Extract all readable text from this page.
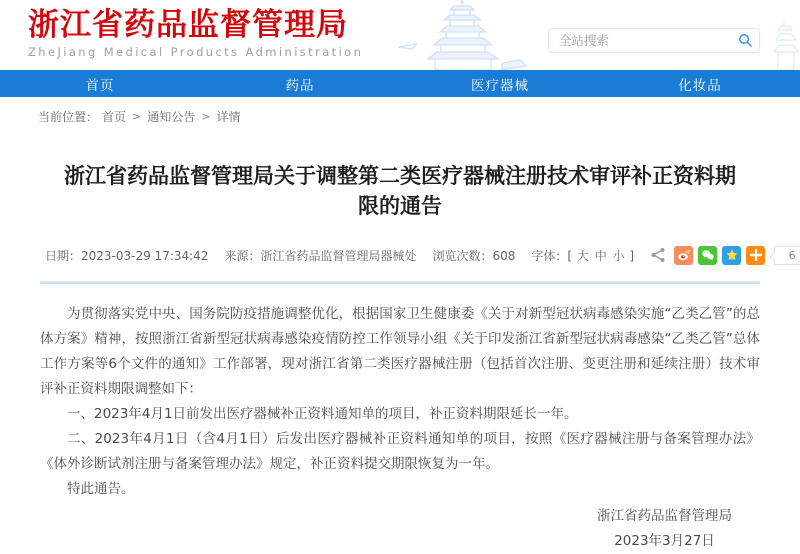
浙江省药品监督管理局
ZheJiang Medical Products Administration
全站搜索
首页	药品	医疗器械	化妆品
当前位置： 首页 > 通知公告 > 详情
浙江省药品监督管理局关于调整第二类医疗器械注册技术审评补正资料期限的通告
日期：2023-03-29 17:34:42 来源：浙江省药品监督管理局器械处 浏览次数：608 字体：[ 大 中 小 ]	6

为贯彻落实党中央、国务院防疫措施调整优化，根据国家卫生健康委《关于对新型冠状病毒感染实施“乙类乙管”的总体方案》精神，按照浙江省新型冠状病毒感染疫情防控工作领导小组《关于印发浙江省新型冠状病毒感染“乙类乙管”总体工作方案等6个文件的通知》工作部署，现对浙江省第二类医疗器械注册（包括首次注册、变更注册和延续注册）技术审评补正资料期限调整如下：

一、2023年4月1日前发出医疗器械补正资料通知单的项目，补正资料期限延长一年。

二、2023年4月1日（含4月1日）后发出医疗器械补正资料通知单的项目，按照《医疗器械注册与备案管理办法》《体外诊断试剂注册与备案管理办法》规定，补正资料提交期限恢复为一年。

特此通告。

浙江省药品监督管理局
2023年3月27日
